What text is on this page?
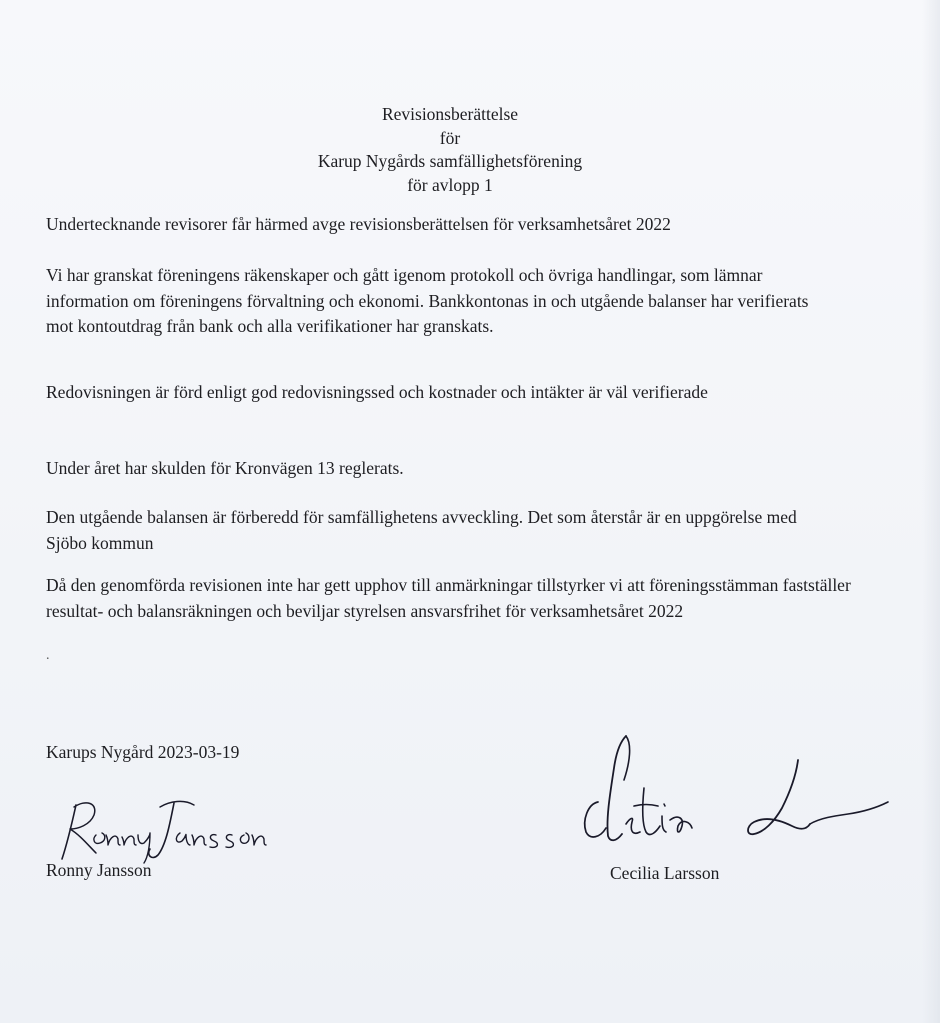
Revisionsberättelse
för
Karup Nygårds samfällighetsförening
för avlopp 1

Undertecknande revisorer får härmed avge revisionsberättelsen för verksamhetsåret 2022

Vi har granskat föreningens räkenskaper och gått igenom protokoll och övriga handlingar, som lämnar information om föreningens förvaltning och ekonomi. Bankkontonas in och utgående balanser har verifierats mot kontoutdrag från bank och alla verifikationer har granskats.

Redovisningen är förd enligt god redovisningssed och kostnader och intäkter är väl verifierade

Under året har skulden för Kronvägen 13 reglerats.

Den utgående balansen är förberedd för samfällighetens avveckling. Det som återstår är en uppgörelse med Sjöbo kommun

Då den genomförda revisionen inte har gett upphov till anmärkningar tillstyrker vi att föreningsstämman fastställer resultat- och balansräkningen och beviljar styrelsen ansvarsfrihet för verksamhetsåret 2022

.
Karups Nygård 2023-03-19
Ronny Jansson	Cecilia Larsson
